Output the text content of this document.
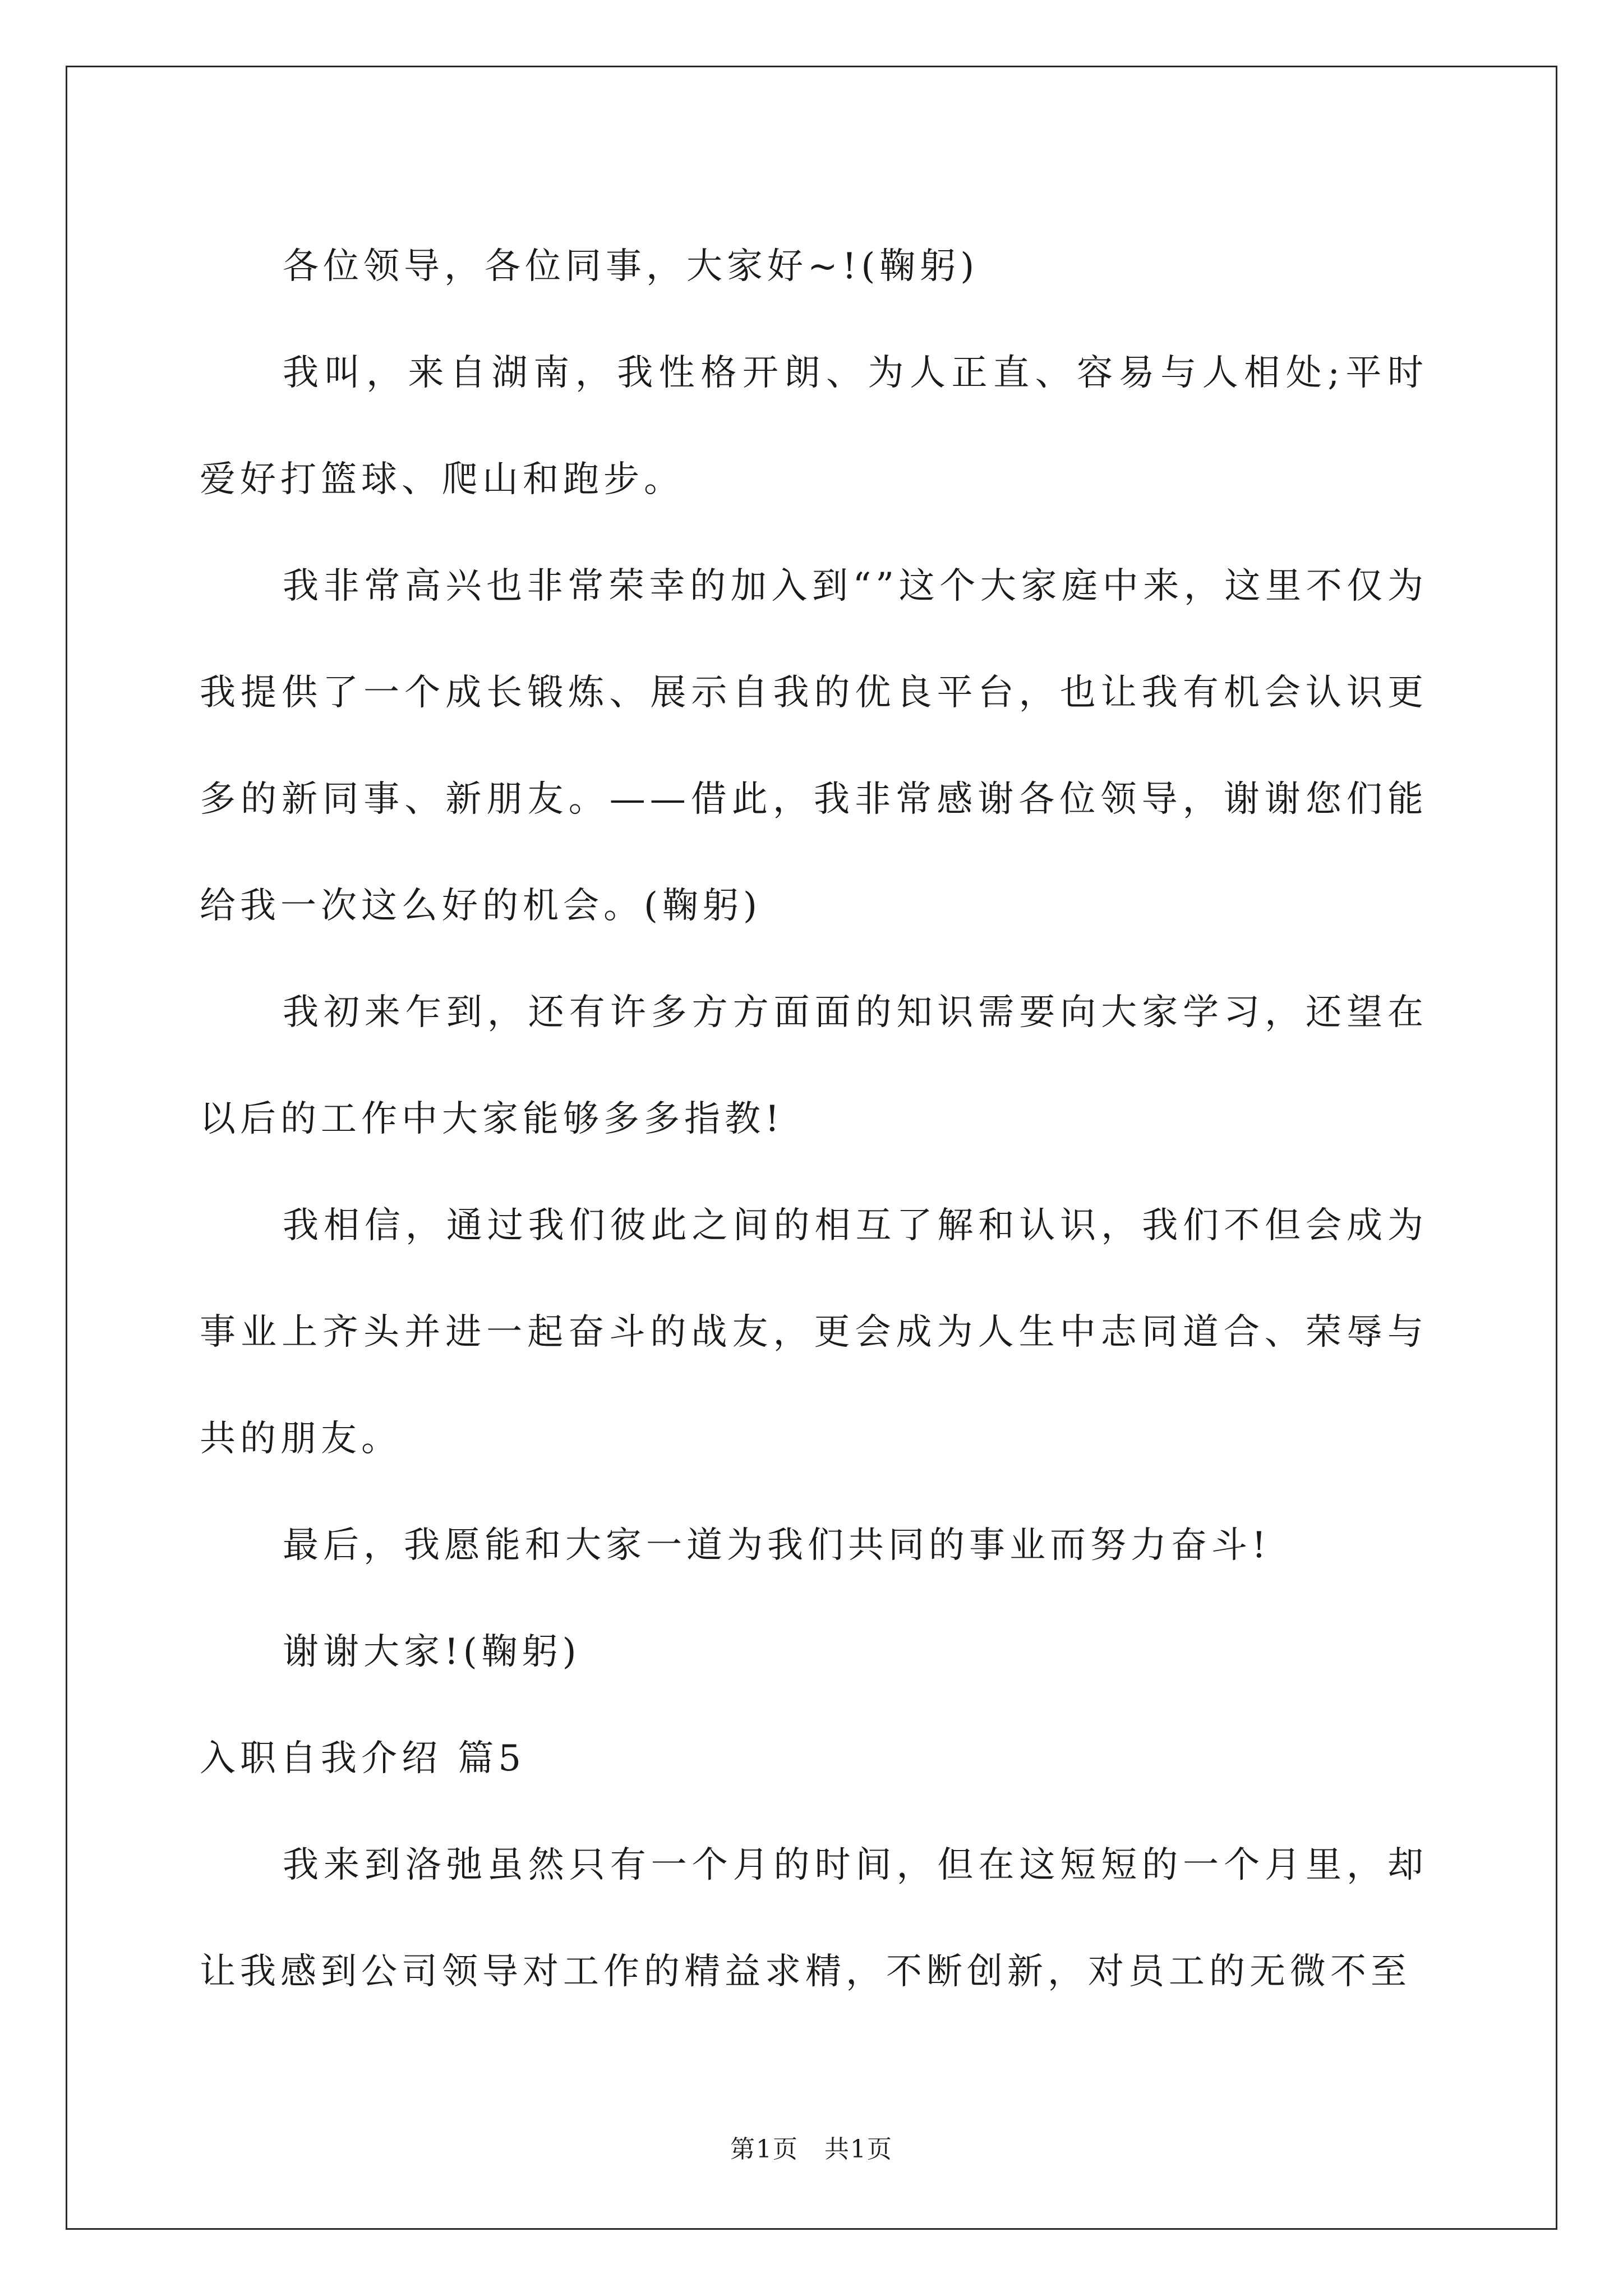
各位领导，各位同事，大家好~!(鞠躬)

我叫，来自湖南，我性格开朗、为人正直、容易与人相处;平时爱好打篮球、爬山和跑步。

我非常高兴也非常荣幸的加入到“”这个大家庭中来，这里不仅为我提供了一个成长锻炼、展示自我的优良平台，也让我有机会认识更多的新同事、新朋友。——借此，我非常感谢各位领导，谢谢您们能给我一次这么好的机会。(鞠躬)

我初来乍到，还有许多方方面面的知识需要向大家学习，还望在以后的工作中大家能够多多指教!

我相信，通过我们彼此之间的相互了解和认识，我们不但会成为事业上齐头并进一起奋斗的战友，更会成为人生中志同道合、荣辱与共的朋友。

最后，我愿能和大家一道为我们共同的事业而努力奋斗!

谢谢大家!(鞠躬)

入职自我介绍 篇5

我来到洛弛虽然只有一个月的时间，但在这短短的一个月里，却让我感到公司领导对工作的精益求精，不断创新，对员工的无微不至

第1页　共1页
